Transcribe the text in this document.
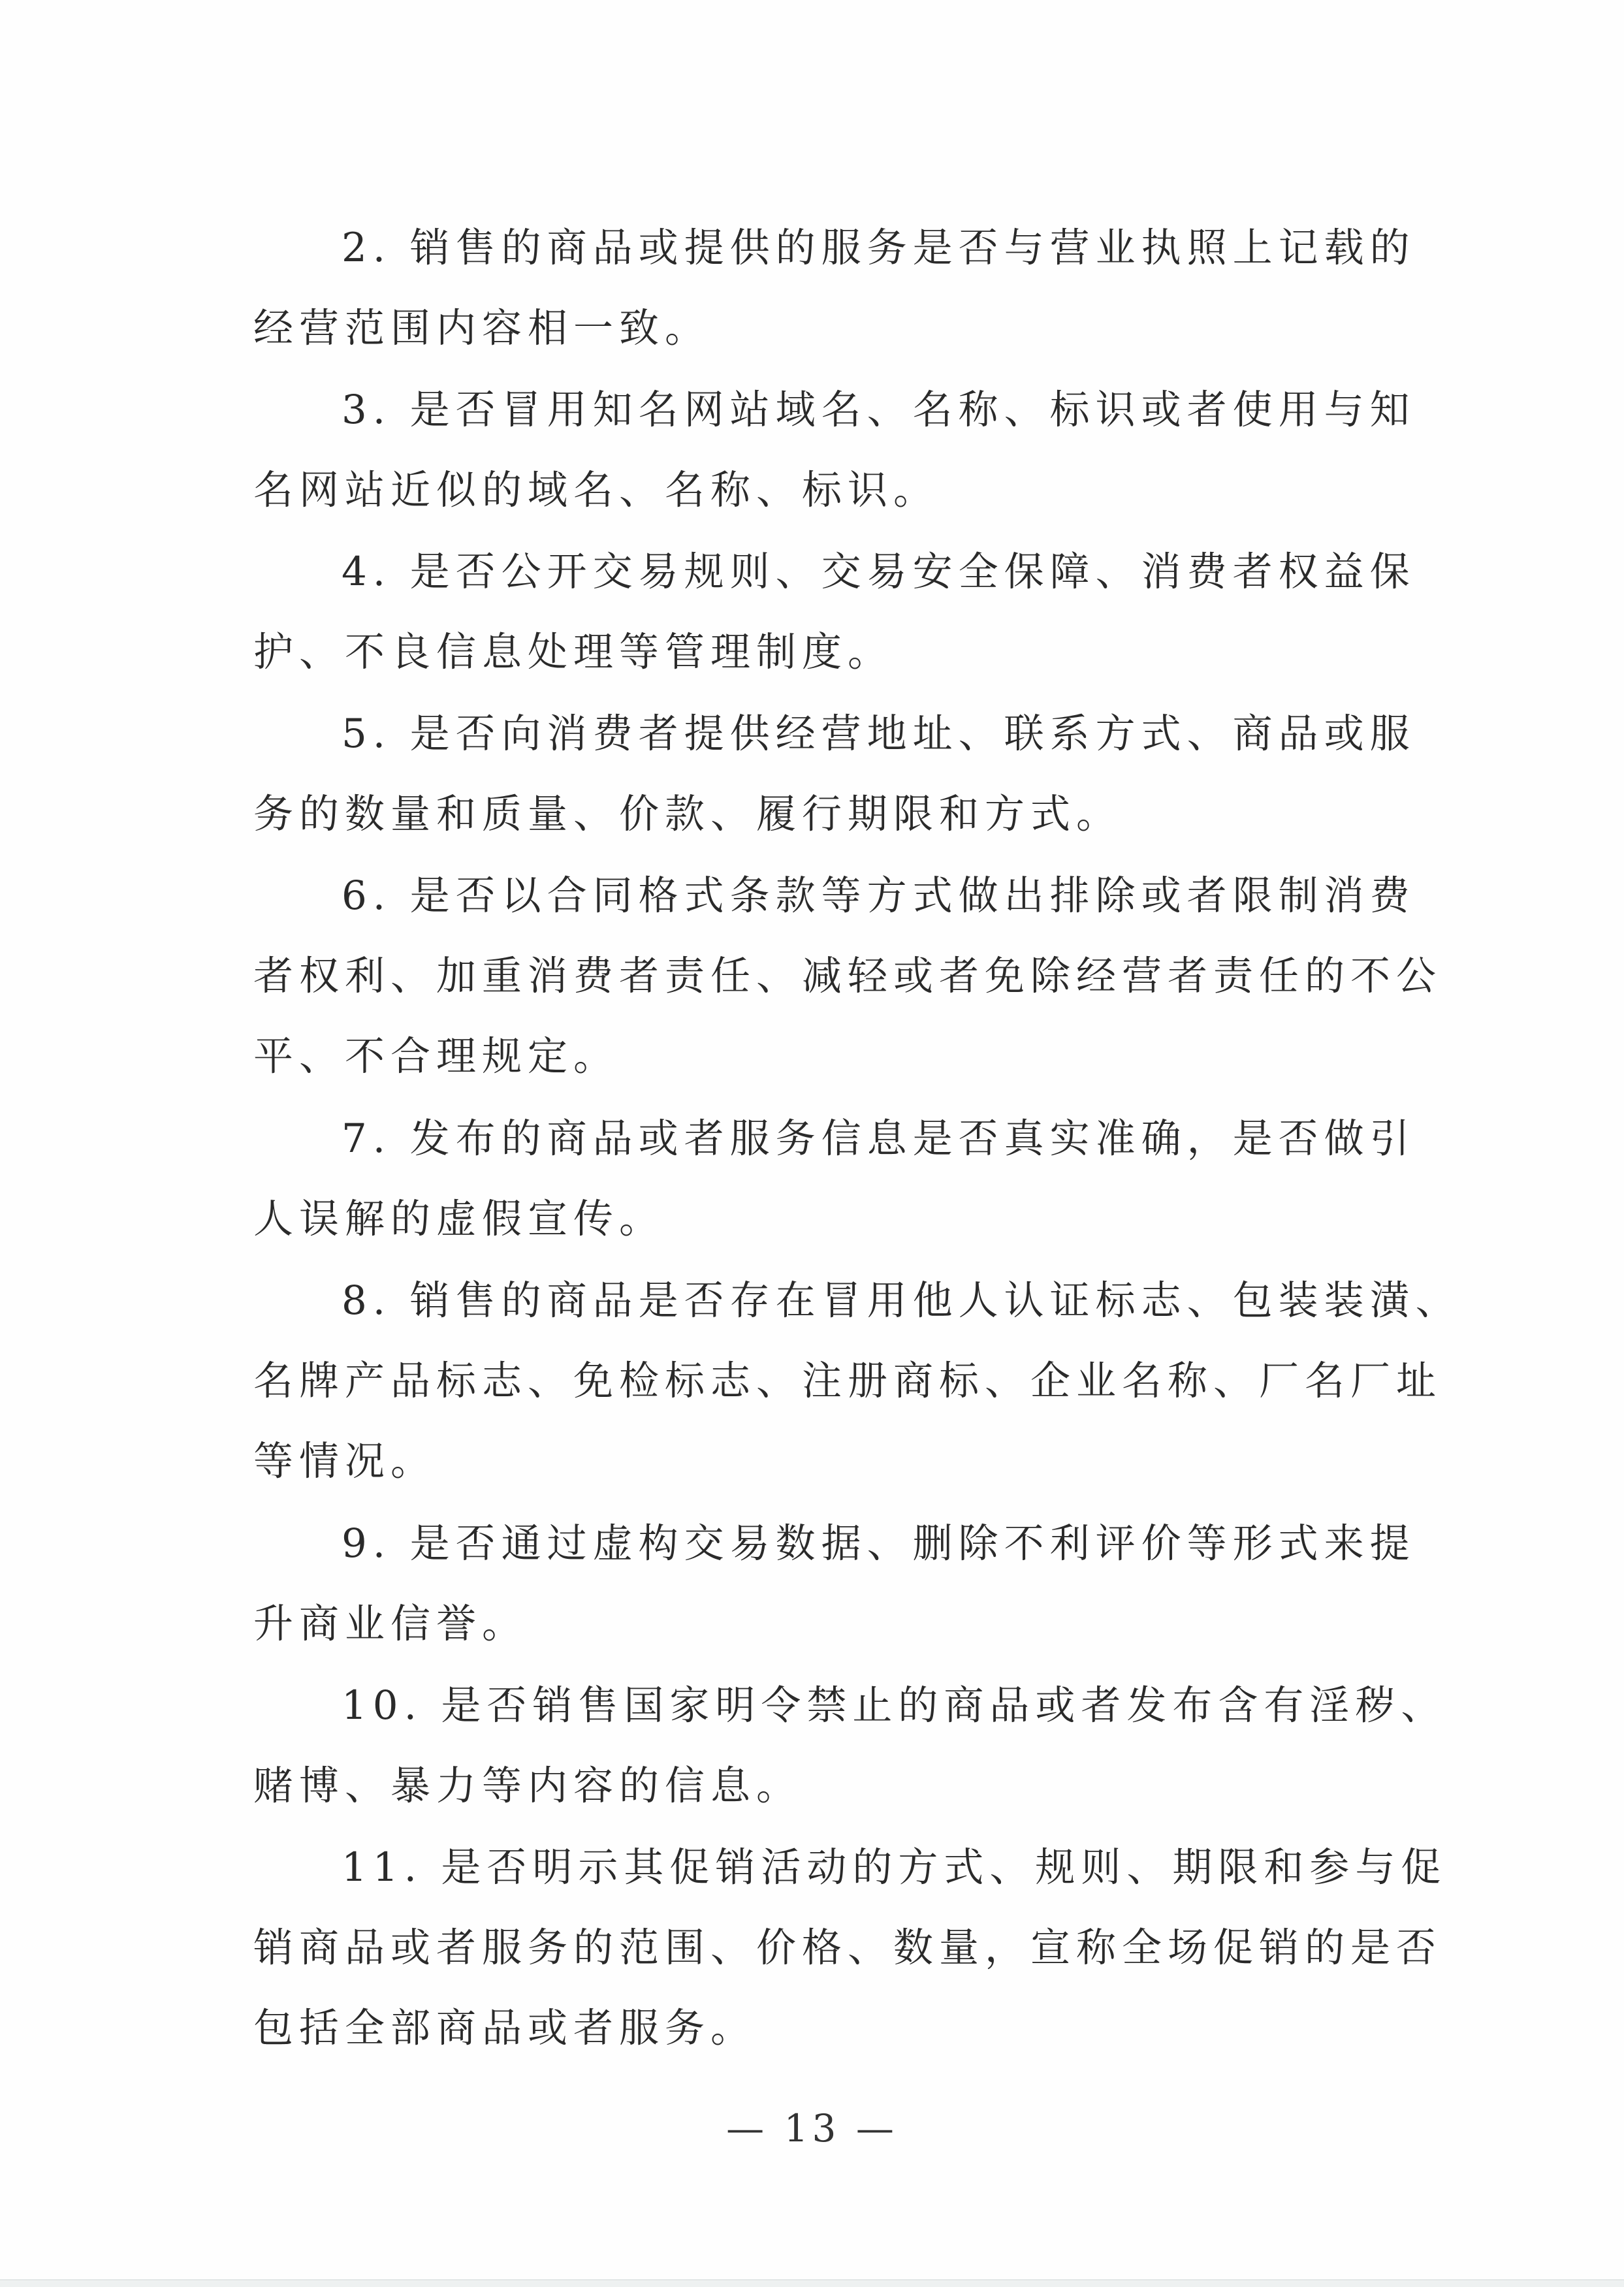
2. 销售的商品或提供的服务是否与营业执照上记载的
经营范围内容相一致。
3. 是否冒用知名网站域名、名称、标识或者使用与知
名网站近似的域名、名称、标识。
4. 是否公开交易规则、交易安全保障、消费者权益保
护、不良信息处理等管理制度。
5. 是否向消费者提供经营地址、联系方式、商品或服
务的数量和质量、价款、履行期限和方式。
6. 是否以合同格式条款等方式做出排除或者限制消费
者权利、加重消费者责任、减轻或者免除经营者责任的不公
平、不合理规定。
7. 发布的商品或者服务信息是否真实准确，是否做引
人误解的虚假宣传。
8. 销售的商品是否存在冒用他人认证标志、包装装潢、
名牌产品标志、免检标志、注册商标、企业名称、厂名厂址
等情况。
9. 是否通过虚构交易数据、删除不利评价等形式来提
升商业信誉。
10. 是否销售国家明令禁止的商品或者发布含有淫秽、
赌博、暴力等内容的信息。
11. 是否明示其促销活动的方式、规则、期限和参与促
销商品或者服务的范围、价格、数量，宣称全场促销的是否
包括全部商品或者服务。
— 13 —
